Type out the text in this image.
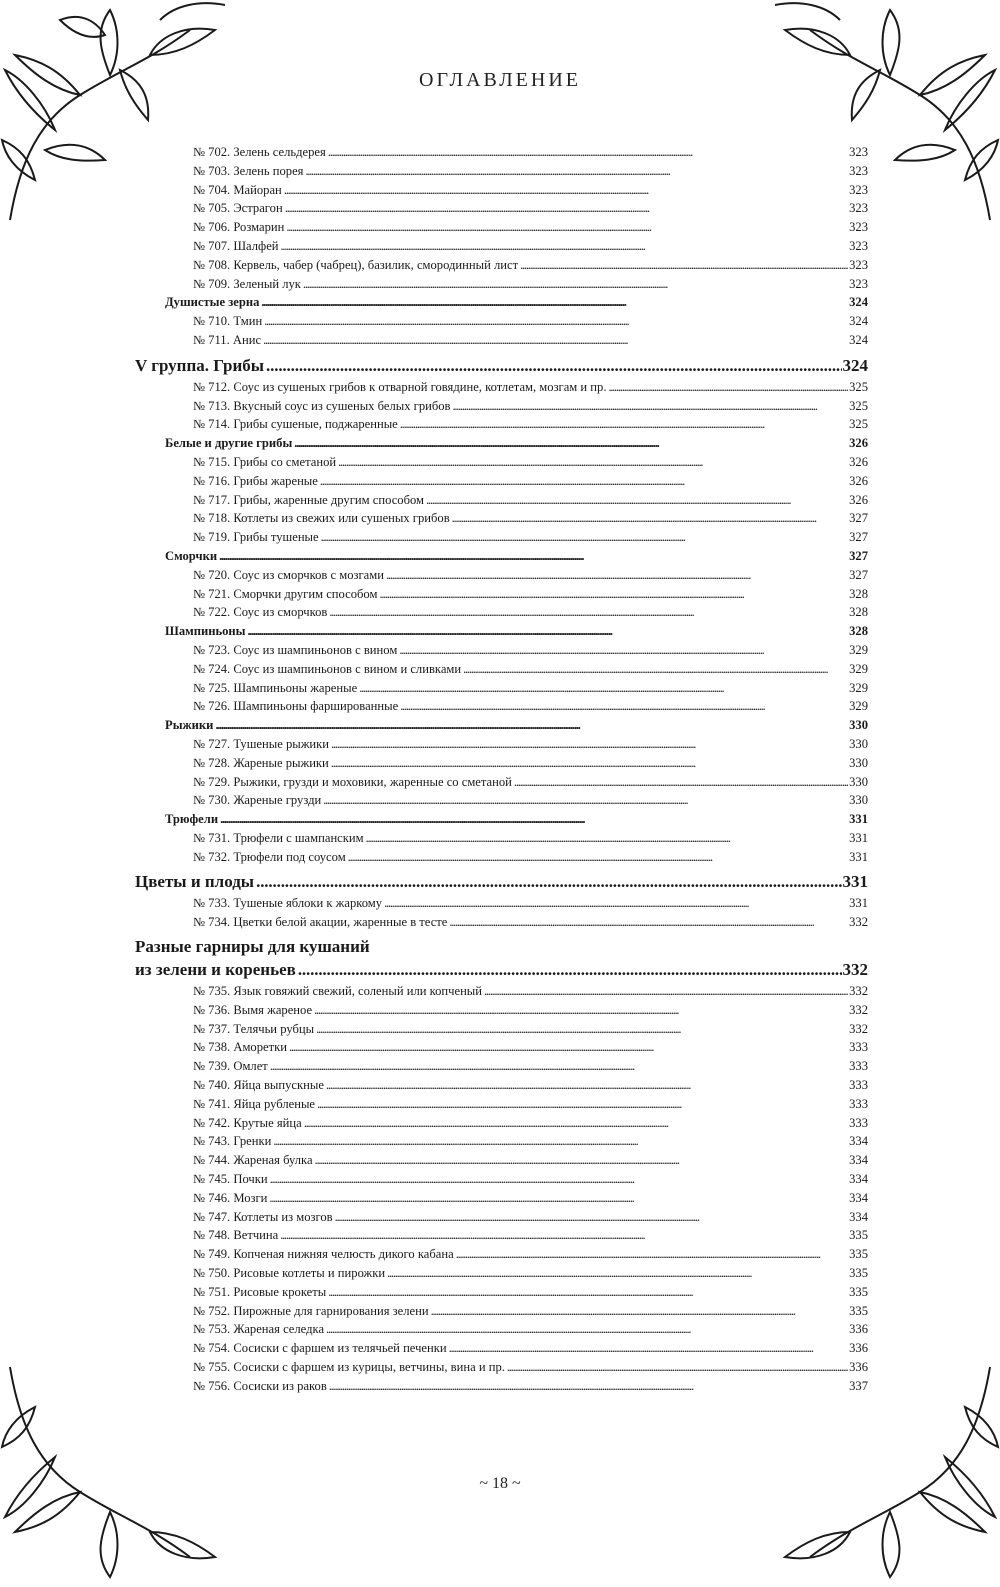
ОГЛАВЛЕНИЕ
№ 702. Зелень сельдерея . . .	323
№ 703. Зелень порея . . .	323
№ 704. Майоран . . .	323
№ 705. Эстрагон . . .	323
№ 706. Розмарин . . .	323
№ 707. Шалфей . . .	323
№ 708. Кервель, чабер (чабрец), базилик, смородинный лист . . .	323
№ 709. Зеленый лук . . .	323
Душистые зерна . . .	324
№ 710. Тмин . . .	324
№ 711. Анис . . .	324
V группа. Грибы . . .	324
№ 712. Соус из сушеных грибов к отварной говядине, котлетам, мозгам и пр. . . .	325
№ 713. Вкусный соус из сушеных белых грибов . . .	325
№ 714. Грибы сушеные, поджаренные . . .	325
Белые и другие грибы . . .	326
№ 715. Грибы со сметаной . . .	326
№ 716. Грибы жареные . . .	326
№ 717. Грибы, жаренные другим способом . . .	326
№ 718. Котлеты из свежих или сушеных грибов . . .	327
№ 719. Грибы тушеные . . .	327
Сморчки . . .	327
№ 720. Соус из сморчков с мозгами . . .	327
№ 721. Сморчки другим способом . . .	328
№ 722. Соус из сморчков . . .	328
Шампиньоны . . .	328
№ 723. Соус из шампиньонов с вином . . .	329
№ 724. Соус из шампиньонов с вином и сливками . . .	329
№ 725. Шампиньоны жареные . . .	329
№ 726. Шампиньоны фаршированные . . .	329
Рыжики . . .	330
№ 727. Тушеные рыжики . . .	330
№ 728. Жареные рыжики . . .	330
№ 729. Рыжики, грузди и моховики, жаренные со сметаной . . .	330
№ 730. Жареные грузди . . .	330
Трюфели . . .	331
№ 731. Трюфели с шампанским . . .	331
№ 732. Трюфели под соусом . . .	331
Цветы и плоды . . .	331
№ 733. Тушеные яблоки к жаркому . . .	331
№ 734. Цветки белой акации, жаренные в тесте . . .	332
Разные гарниры для кушаний
из зелени и кореньев . . .	332
№ 735. Язык говяжий свежий, соленый или копченый . . .	332
№ 736. Вымя жареное . . .	332
№ 737. Телячьи рубцы . . .	332
№ 738. Аморетки . . .	333
№ 739. Омлет . . .	333
№ 740. Яйца выпускные . . .	333
№ 741. Яйца рубленые . . .	333
№ 742. Крутые яйца . . .	333
№ 743. Гренки . . .	334
№ 744. Жареная булка . . .	334
№ 745. Почки . . .	334
№ 746. Мозги . . .	334
№ 747. Котлеты из мозгов . . .	334
№ 748. Ветчина . . .	335
№ 749. Копченая нижняя челюсть дикого кабана . . .	335
№ 750. Рисовые котлеты и пирожки . . .	335
№ 751. Рисовые крокеты . . .	335
№ 752. Пирожные для гарнирования зелени . . .	335
№ 753. Жареная селедка . . .	336
№ 754. Сосиски с фаршем из телячьей печенки . . .	336
№ 755. Сосиски с фаршем из курицы, ветчины, вина и пр. . . .	336
№ 756. Сосиски из раков . . .	337
~ 18 ~
